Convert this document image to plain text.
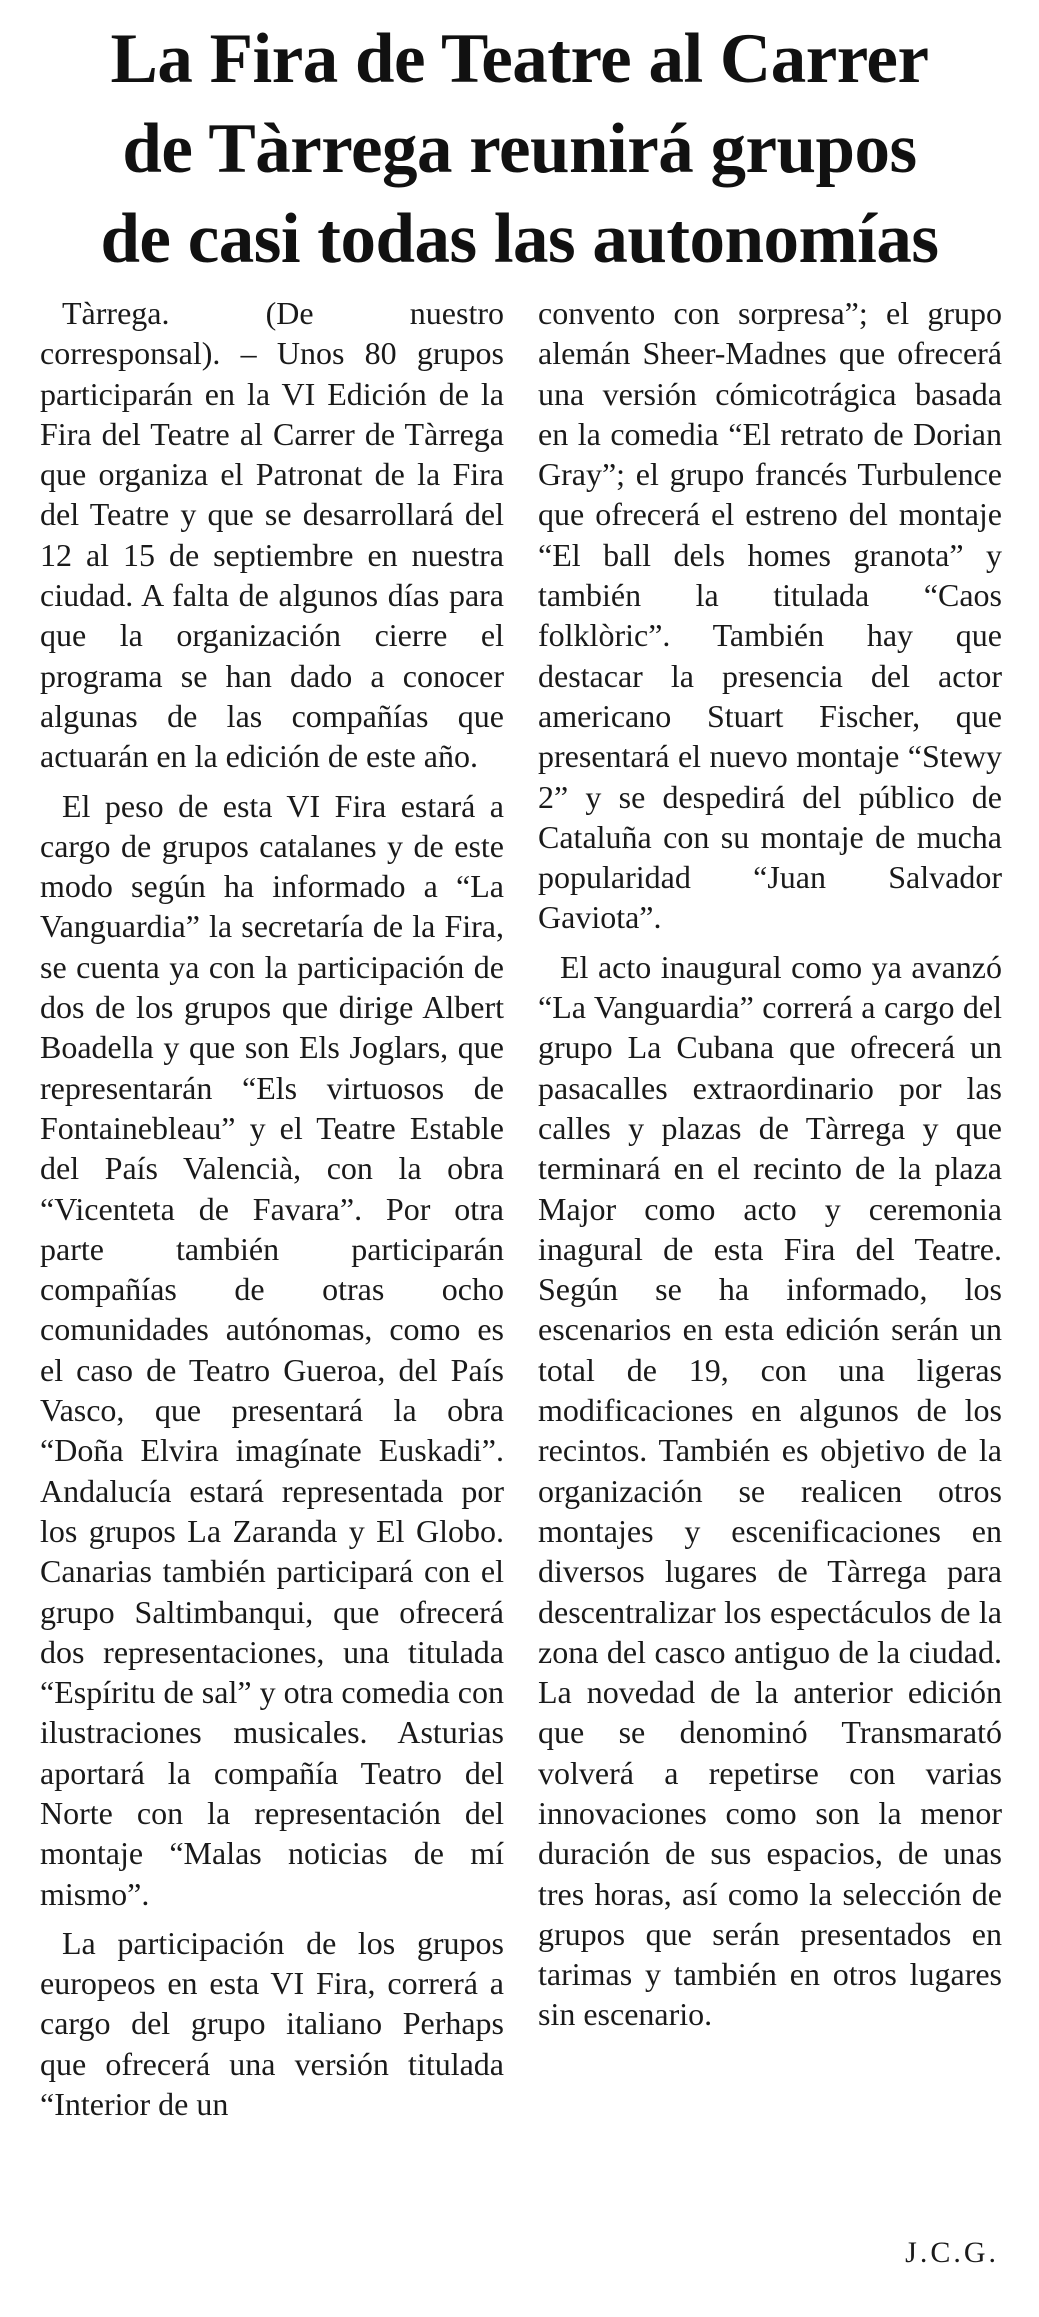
La Fira de Teatre al Carrer
de Tàrrega reunirá grupos
de casi todas las autonomías

Tàrrega. (De nuestro corresponsal). – Unos 80 grupos participarán en la VI Edición de la Fira del Teatre al Carrer de Tàrrega que organiza el Patronat de la Fira del Teatre y que se desarrollará del 12 al 15 de septiembre en nuestra ciudad. A falta de algunos días para que la organización cierre el programa se han dado a conocer algunas de las compañías que actuarán en la edición de este año.

El peso de esta VI Fira estará a cargo de grupos catalanes y de este modo según ha informado a “La Vanguardia” la secretaría de la Fira, se cuenta ya con la participación de dos de los grupos que dirige Albert Boadella y que son Els Joglars, que representarán “Els virtuosos de Fontainebleau” y el Teatre Estable del País Valencià, con la obra “Vicenteta de Favara”. Por otra parte también participarán compañías de otras ocho comunidades autónomas, como es el caso de Teatro Gueroa, del País Vasco, que presentará la obra “Doña Elvira imagínate Euskadi”. Andalucía estará representada por los grupos La Zaranda y El Globo. Canarias también participará con el grupo Saltimbanqui, que ofrecerá dos representaciones, una titulada “Espíritu de sal” y otra comedia con ilustraciones musicales. Asturias aportará la compañía Teatro del Norte con la representación del montaje “Malas noticias de mí mismo”.

La participación de los grupos europeos en esta VI Fira, correrá a cargo del grupo italiano Perhaps que ofrecerá una versión titulada “Interior de un

convento con sorpresa”; el grupo alemán Sheer-Madnes que ofrecerá una versión cómicotrágica basada en la comedia “El retrato de Dorian Gray”; el grupo francés Turbulence que ofrecerá el estreno del montaje “El ball dels homes granota” y también la titulada “Caos folklòric”. También hay que destacar la presencia del actor americano Stuart Fischer, que presentará el nuevo montaje “Stewy 2” y se despedirá del público de Cataluña con su montaje de mucha popularidad “Juan Salvador Gaviota”.

El acto inaugural como ya avanzó “La Vanguardia” correrá a cargo del grupo La Cubana que ofrecerá un pasacalles extraordinario por las calles y plazas de Tàrrega y que terminará en el recinto de la plaza Major como acto y ceremonia inagural de esta Fira del Teatre. Según se ha informado, los escenarios en esta edición serán un total de 19, con una ligeras modificaciones en algunos de los recintos. También es objetivo de la organización se realicen otros montajes y escenificaciones en diversos lugares de Tàrrega para descentralizar los espectáculos de la zona del casco antiguo de la ciudad. La novedad de la anterior edición que se denominó Transmarató volverá a repetirse con varias innovaciones como son la menor duración de sus espacios, de unas tres horas, así como la selección de grupos que serán presentados en tarimas y también en otros lugares sin escenario.

J.C.G.
